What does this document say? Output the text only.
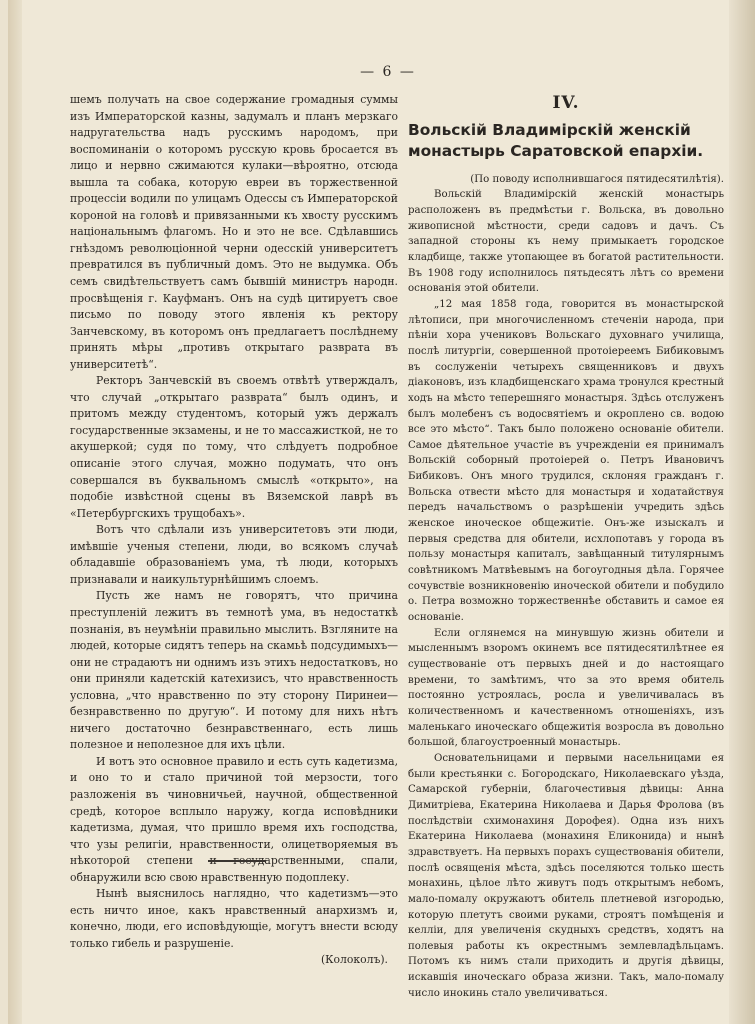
— 6 —

шемъ получать на свое содержание громадныя суммы изъ Императорской казны, задумалъ и планъ мерзкаго надругательства надъ русскимъ народомъ, при воспоминаніи о которомъ русскую кровь бросается въ лицо и нервно сжимаются кулаки—вѣроятно, отсюда вышла та собака, которую евреи въ торжественной процессіи водили по улицамъ Одессы съ Императорской короной на головѣ и привязанными къ хвосту русскимъ національнымъ флагомъ. Но и это не все. Сдѣлавшись гнѣздомъ революціонной черни одесскій университетъ превратился въ публичный домъ. Это не выдумка. Объ семъ свидѣтельствуетъ самъ бывшій министръ народн. просвѣщенія г. Кауфманъ. Онъ на судѣ цитируетъ свое письмо по поводу этого явленія къ ректору Занчевскому, въ которомъ онъ предлагаетъ послѣднему принять мѣры „противъ открытаго разврата въ университетѣ“.

Ректоръ Занчевскій въ своемъ отвѣтѣ утверждалъ, что случай „открытаго разврата“ былъ одинъ, и притомъ между студентомъ, который ужъ держалъ государственные экзамены, и не то массажисткой, не то акушеркой; судя по тому, что слѣдуетъ подробное описаніе этого случая, можно подумать, что онъ совершался въ буквальномъ смыслѣ «открыто», на подобіе извѣстной сцены въ Вяземской лаврѣ въ «Петербургскихъ трущобахъ».

Вотъ что сдѣлали изъ университетовъ эти люди, имѣвшіе ученыя степени, люди, во всякомъ случаѣ обладавшіе образованіемъ ума, тѣ люди, которыхъ признавали и наикультурнѣйшимъ слоемъ.

Пусть же намъ не говорятъ, что причина преступленій лежитъ въ темнотѣ ума, въ недостаткѣ познанія, въ неумѣніи правильно мыслить. Взгляните на людей, которые сидятъ теперь на скамьѣ подсудимыхъ—они не страдаютъ ни однимъ изъ этихъ недостатковъ, но они приняли кадетскій катехизисъ, что нравственность условна, „что нравственно по эту сторону Пиринеи—безнравственно по другую“. И потому для нихъ нѣтъ ничего достаточно безнравственнаго, есть лишь полезное и неполезное для ихъ цѣли.

И вотъ это основное правило и есть суть кадетизма, и оно то и стало причиной той мерзости, того разложенія въ чиновничьей, научной, общественной средѣ, которое всплыло наружу, когда исповѣдники кадетизма, думая, что пришло время ихъ господства, что узы религіи, нравственности, олицетворяемыя въ нѣкоторой степени и государственными, спали, обнаружили всю свою нравственную подоплеку.

Нынѣ выяснилось наглядно, что кадетизмъ—это есть ничто иное, какъ нравственный анархизмъ и, конечно, люди, его исповѣдующіе, могутъ внести всюду только гибель и разрушеніе.

(Колоколъ).

IV.
Вольскій Владимірскій женскій монастырь Саратовской епархіи.

(По поводу исполнившагося пятидесятилѣтія).

Вольскій Владимірскій женскій монастырь расположенъ въ предмѣстьи г. Вольска, въ довольно живописной мѣстности, среди садовъ и дачъ. Съ западной стороны къ нему примыкаетъ городское кладбище, также утопающее въ богатой растительности. Въ 1908 году исполнилось пятьдесятъ лѣтъ со времени основанія этой обители.

„12 мая 1858 года, говорится въ монастырской лѣтописи, при многочисленномъ стеченіи народа, при пѣніи хора учениковъ Вольскаго духовнаго училища, послѣ литургіи, совершенной протоіереемъ Бибиковымъ въ сослуженіи четырехъ священниковъ и двухъ діаконовъ, изъ кладбищенскаго храма тронулся крестный ходъ на мѣсто теперешняго монастыря. Здѣсь отслуженъ былъ молебенъ съ водосвятіемъ и окроплено св. водою все это мѣсто“. Такъ было положено основаніе обители. Самое дѣятельное участіе въ учрежденіи ея принималъ Вольскій соборный протоіерей о. Петръ Ивановичъ Бибиковъ. Онъ много трудился, склоняя гражданъ г. Вольска отвести мѣсто для монастыря и ходатайствуя передъ начальствомъ о разрѣшеніи учредить здѣсь женское иноческое общежитіе. Онъ-же изыскалъ и первыя средства для обители, исхлопотавъ у города въ пользу монастыря капиталъ, завѣщанный титулярнымъ совѣтникомъ Матвѣевымъ на богоугодныя дѣла. Горячее сочувствіе возникновенію иноческой обители и побудило о. Петра возможно торжественнѣе обставить и самое ея основаніе.

Если оглянемся на минувшую жизнь обители и мысленнымъ взоромъ окинемъ все пятидесятилѣтнее ея существованіе отъ первыхъ дней и до настоящаго времени, то замѣтимъ, что за это время обитель постоянно устроялась, росла и увеличивалась въ количественномъ и качественномъ отношеніяхъ, изъ маленькаго иноческаго общежитія возросла въ довольно большой, благоустроенный монастырь.

Основательницами и первыми насельницами ея были крестьянки с. Богородскаго, Николаевскаго уѣзда, Самарской губерніи, благочестивыя дѣвицы: Анна Димитріева, Екатерина Николаева и Дарья Фролова (въ послѣдствіи схимонахиня Дорофея). Одна изъ нихъ Екатерина Николаева (монахиня Еликонида) и нынѣ здравствуетъ. На первыхъ порахъ существованія обители, послѣ освященія мѣста, здѣсь поселяются только шесть монахинь, цѣлое лѣто живутъ подъ открытымъ небомъ, мало-помалу окружаютъ обитель плетневой изгородью, которую плетутъ своими руками, строятъ помѣщенія и келліи, для увеличенія скудныхъ средствъ, ходятъ на полевыя работы къ окрестнымъ землевладѣльцамъ. Потомъ къ нимъ стали приходить и другія дѣвицы, искавшія иноческаго образа жизни. Такъ, мало-помалу число инокинь стало увеличиваться.
